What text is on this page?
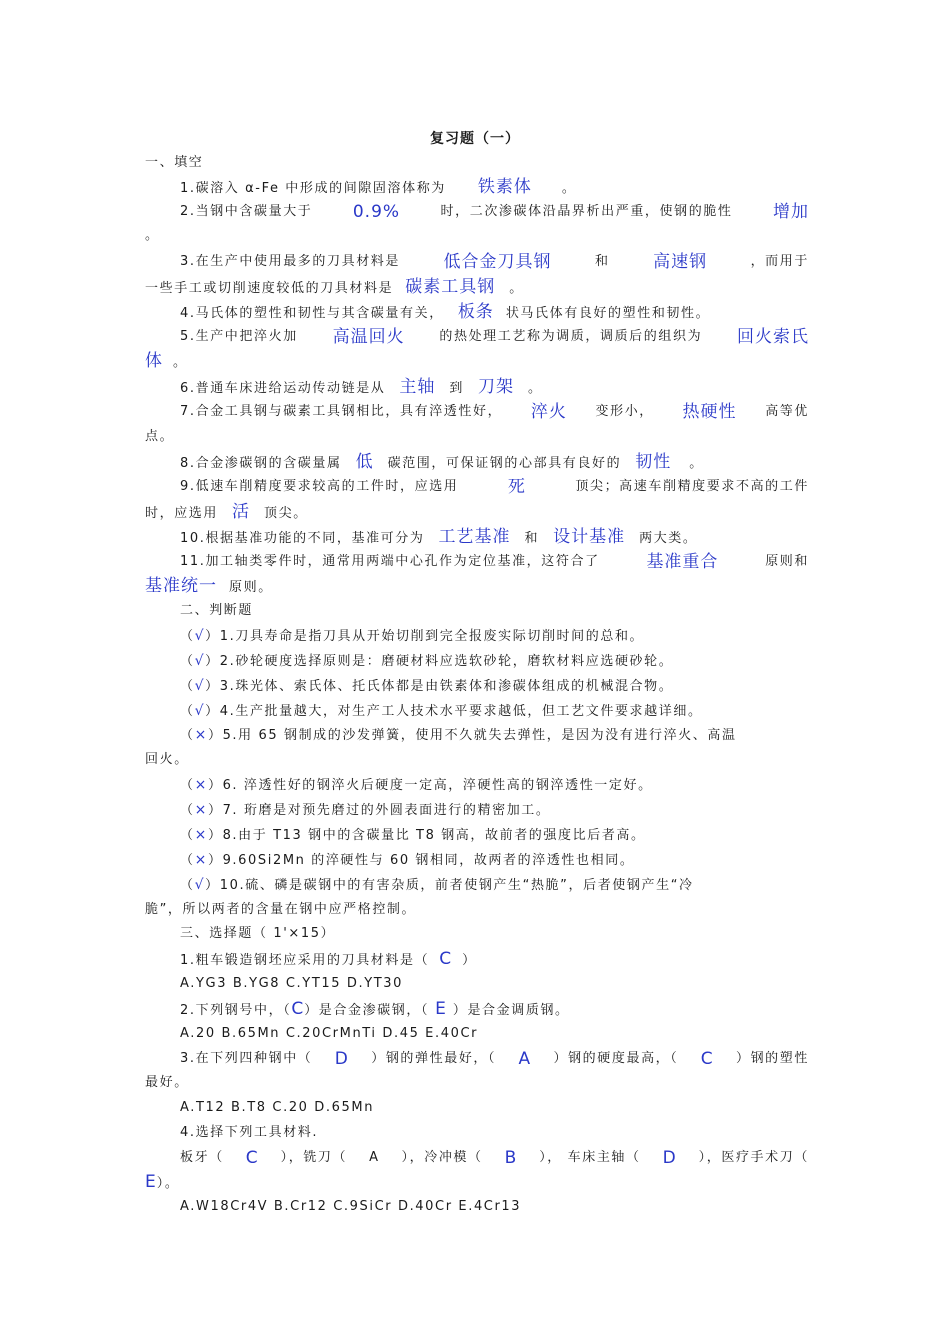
复习题（一）
一、填空
1.碳溶入 α-Fe 中形成的间隙固溶体称为 铁素体 。
2.当钢中含碳量大于 0.9%	时，二次渗碳体沿晶界析出严重，使钢的脆性 增加
。
3.在生产中使用最多的刀具材料是	低合金刀具钢	和	高速钢	，而用于
一些手工或切削速度较低的刀具材料是 碳素工具钢 。
4.马氏体的塑性和韧性与其含碳量有关， 板条 状马氏体有良好的塑性和韧性。
5.生产中把淬火加 高温回火	的热处理工艺称为调质，调质后的组织为 回火索氏
体 。
6.普通车床进给运动传动链是从 主轴 到 刀架 。
7.合金工具钢与碳素工具钢相比，具有淬透性好， 淬火 变形小， 热硬性 高等优
点。
8.合金渗碳钢的含碳量属 低 碳范围，可保证钢的心部具有良好的 韧性 。
9.低速车削精度要求较高的工件时，应选用	死	顶尖；高速车削精度要求不高的工件
时，应选用 活 顶尖。
10.根据基准功能的不同，基准可分为 工艺基准 和 设计基准 两大类。
11.加工轴类零件时，通常用两端中心孔作为定位基准，这符合了	基准重合	原则和
基准统一 原则。
二、判断题
（√）1.刀具寿命是指刀具从开始切削到完全报废实际切削时间的总和。
（√）2.砂轮硬度选择原则是：磨硬材料应选软砂轮，磨软材料应选硬砂轮。
（√）3.珠光体、索氏体、托氏体都是由铁素体和渗碳体组成的机械混合物。
（√）4.生产批量越大，对生产工人技术水平要求越低，但工艺文件要求越详细。
（×）5.用 65 钢制成的沙发弹簧，使用不久就失去弹性，是因为没有进行淬火、高温
回火。
（×）6. 淬透性好的钢淬火后硬度一定高，淬硬性高的钢淬透性一定好。
（×）7. 珩磨是对预先磨过的外圆表面进行的精密加工。
（×）8.由于 T13 钢中的含碳量比 T8 钢高，故前者的强度比后者高。
（×）9.60Si2Mn 的淬硬性与 60 钢相同，故两者的淬透性也相同。
（√）10.硫、磷是碳钢中的有害杂质，前者使钢产生“热脆”，后者使钢产生“冷
脆”，所以两者的含量在钢中应严格控制。
三、选择题（ 1'×15）
1.粗车锻造钢坯应采用的刀具材料是（ C ）
A.YG3 B.YG8 C.YT15 D.YT30
2.下列钢号中，（C）是合金渗碳钢，（ E ）是合金调质钢。
A.20 B.65Mn C.20CrMnTi D.45 E.40Cr
3.在下列四种钢中（ D ）钢的弹性最好，（ A ）钢的硬度最高，（ C ）钢的塑性
最好。
A.T12 B.T8 C.20 D.65Mn
4.选择下列工具材料.
板牙（ C ），铣刀（ A ），冷冲模（ B ）， 车床主轴（ D ），医疗手术刀（
E）。
A.W18Cr4V B.Cr12 C.9SiCr D.40Cr E.4Cr13
